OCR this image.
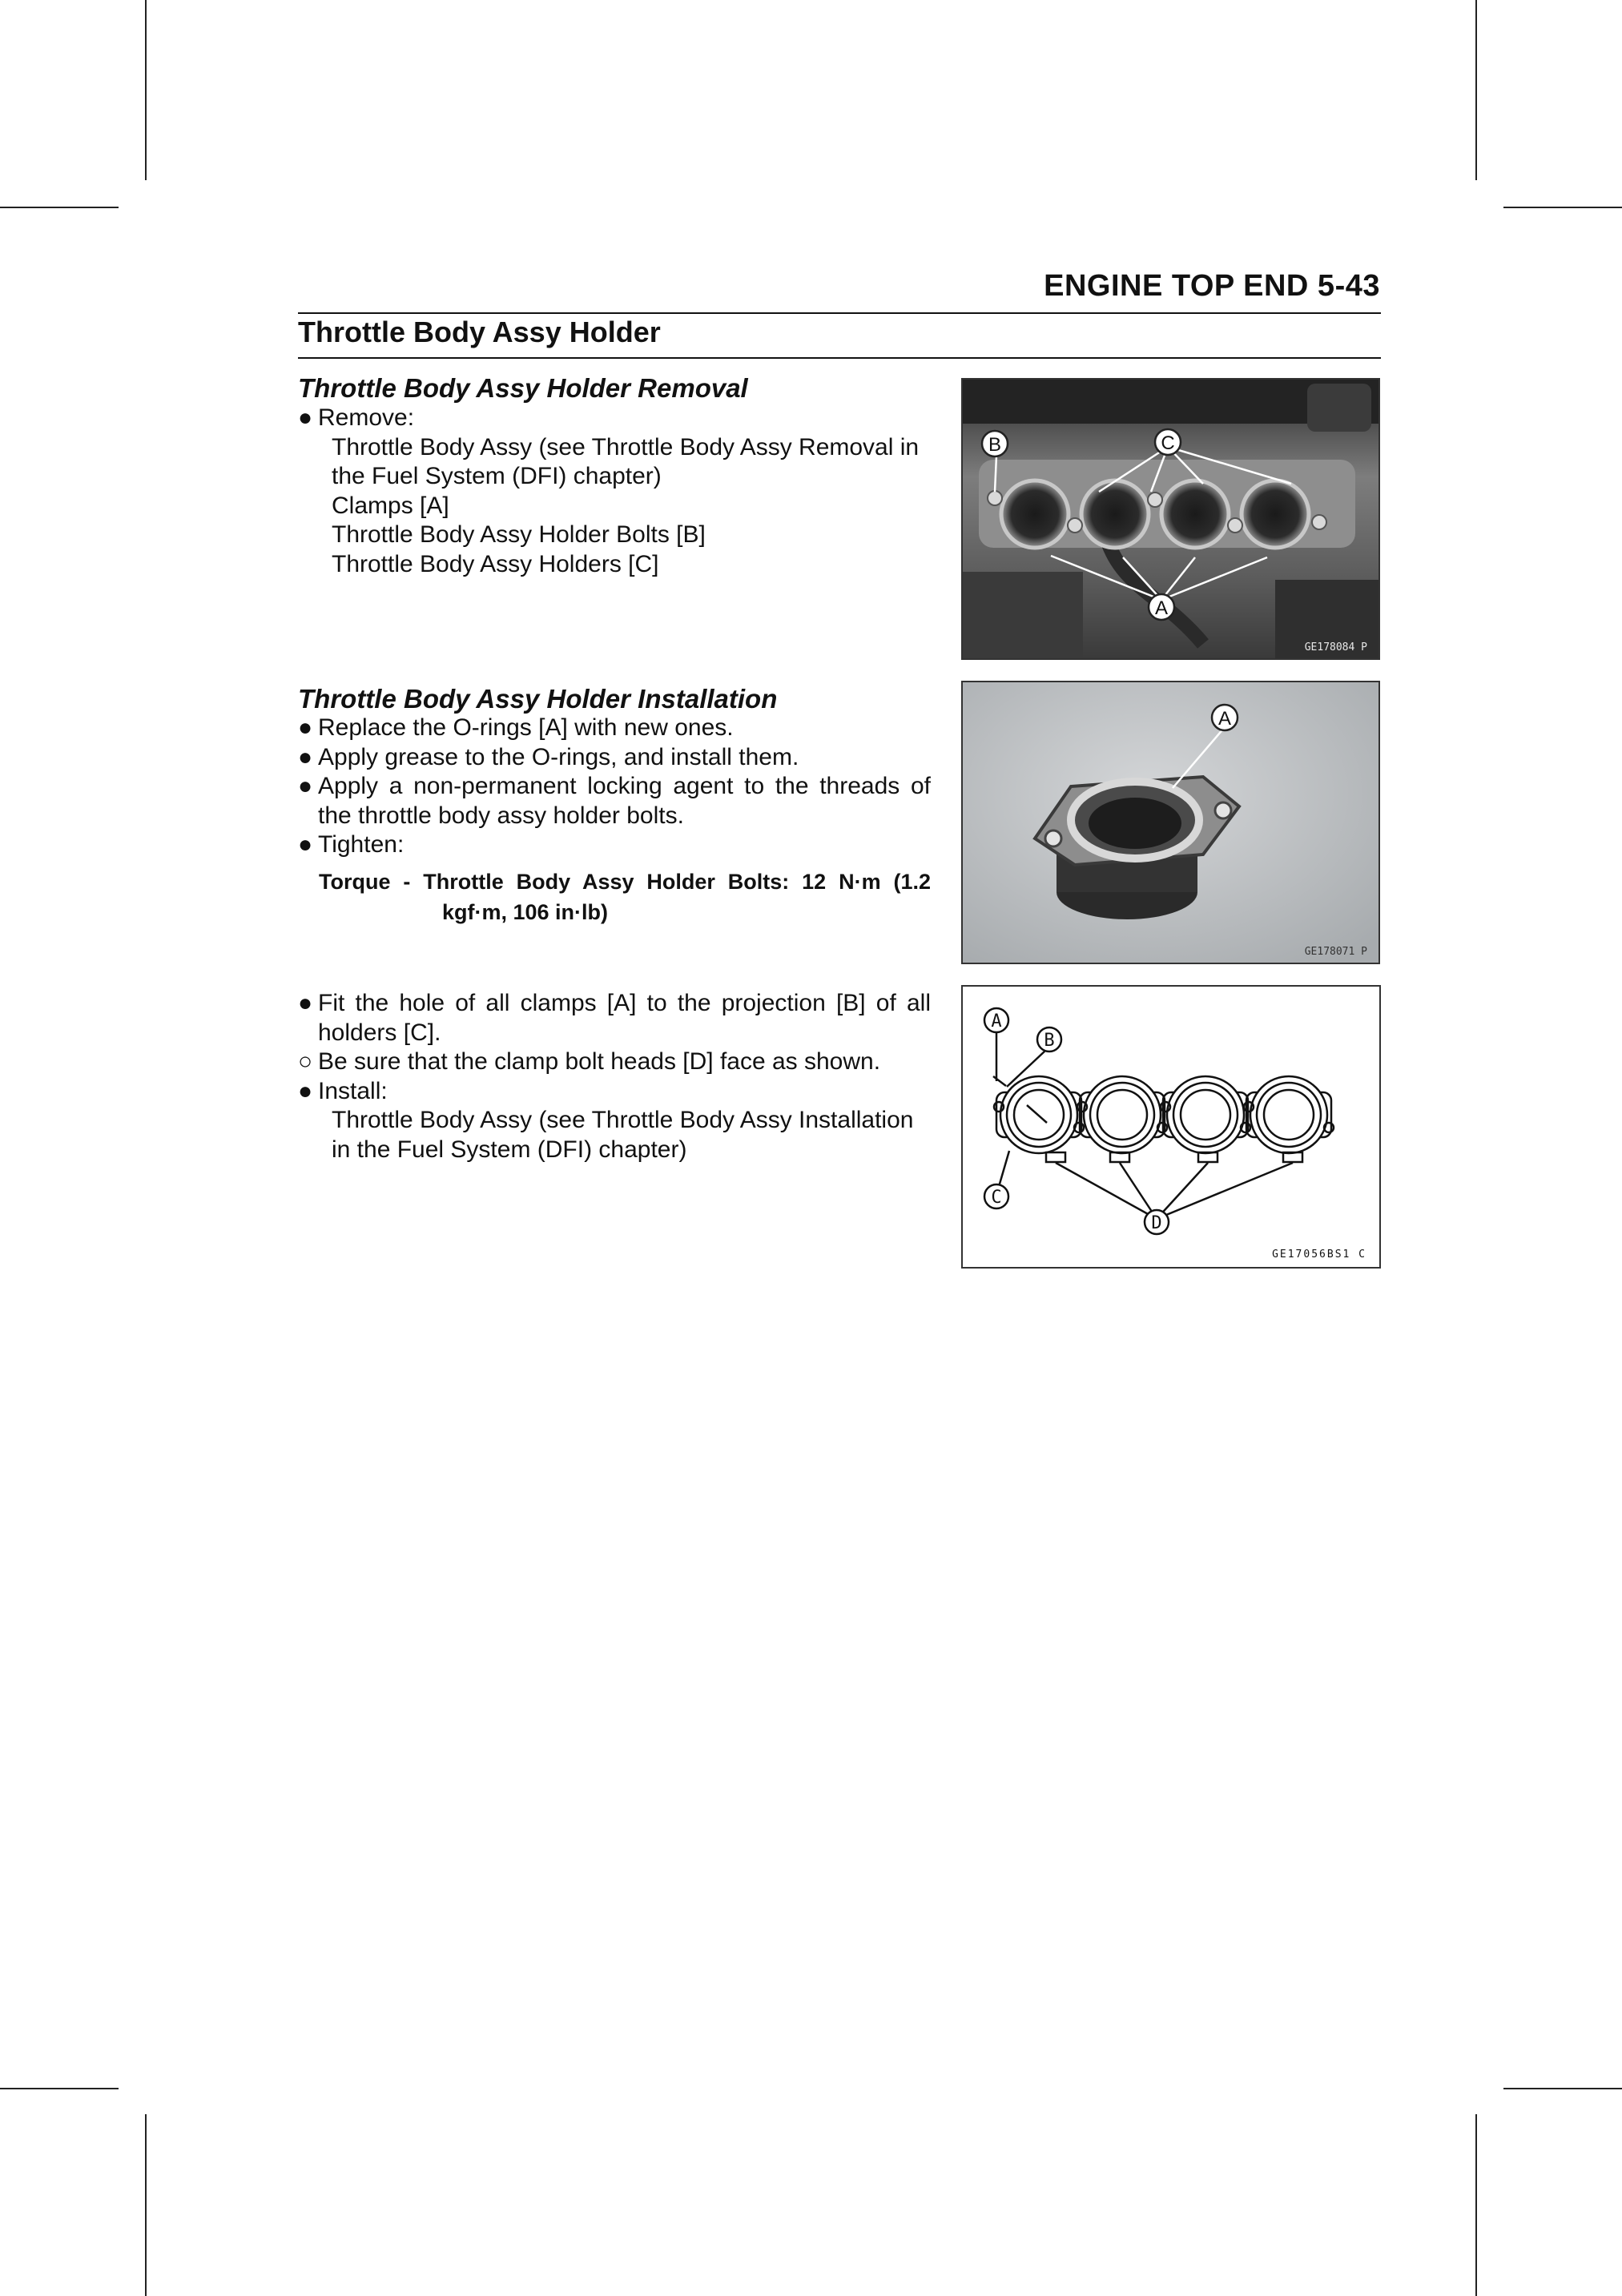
ENGINE TOP END 5-43
Throttle Body Assy Holder
Throttle Body Assy Holder Removal
● Remove:
Throttle Body Assy (see Throttle Body Assy Removal in
the Fuel System (DFI) chapter)
Clamps [A]
Throttle Body Assy Holder Bolts [B]
Throttle Body Assy Holders [C]
Throttle Body Assy Holder Installation
● Replace the O-rings [A] with new ones.
● Apply grease to the O-rings, and install them.
● Apply a non-permanent locking agent to the threads of
the throttle body assy holder bolts.
● Tighten:
Torque - Throttle Body Assy Holder Bolts: 12 N·m (1.2
kgf·m, 106 in·lb)
● Fit the hole of all clamps [A] to the projection [B] of all
holders [C].
○ Be sure that the clamp bolt heads [D] face as shown.
● Install:
Throttle Body Assy (see Throttle Body Assy Installation
in the Fuel System (DFI) chapter)
B	C
A
GE178084 P
A
GE178071 P
A
B
C
D
GE17056BS1 C
